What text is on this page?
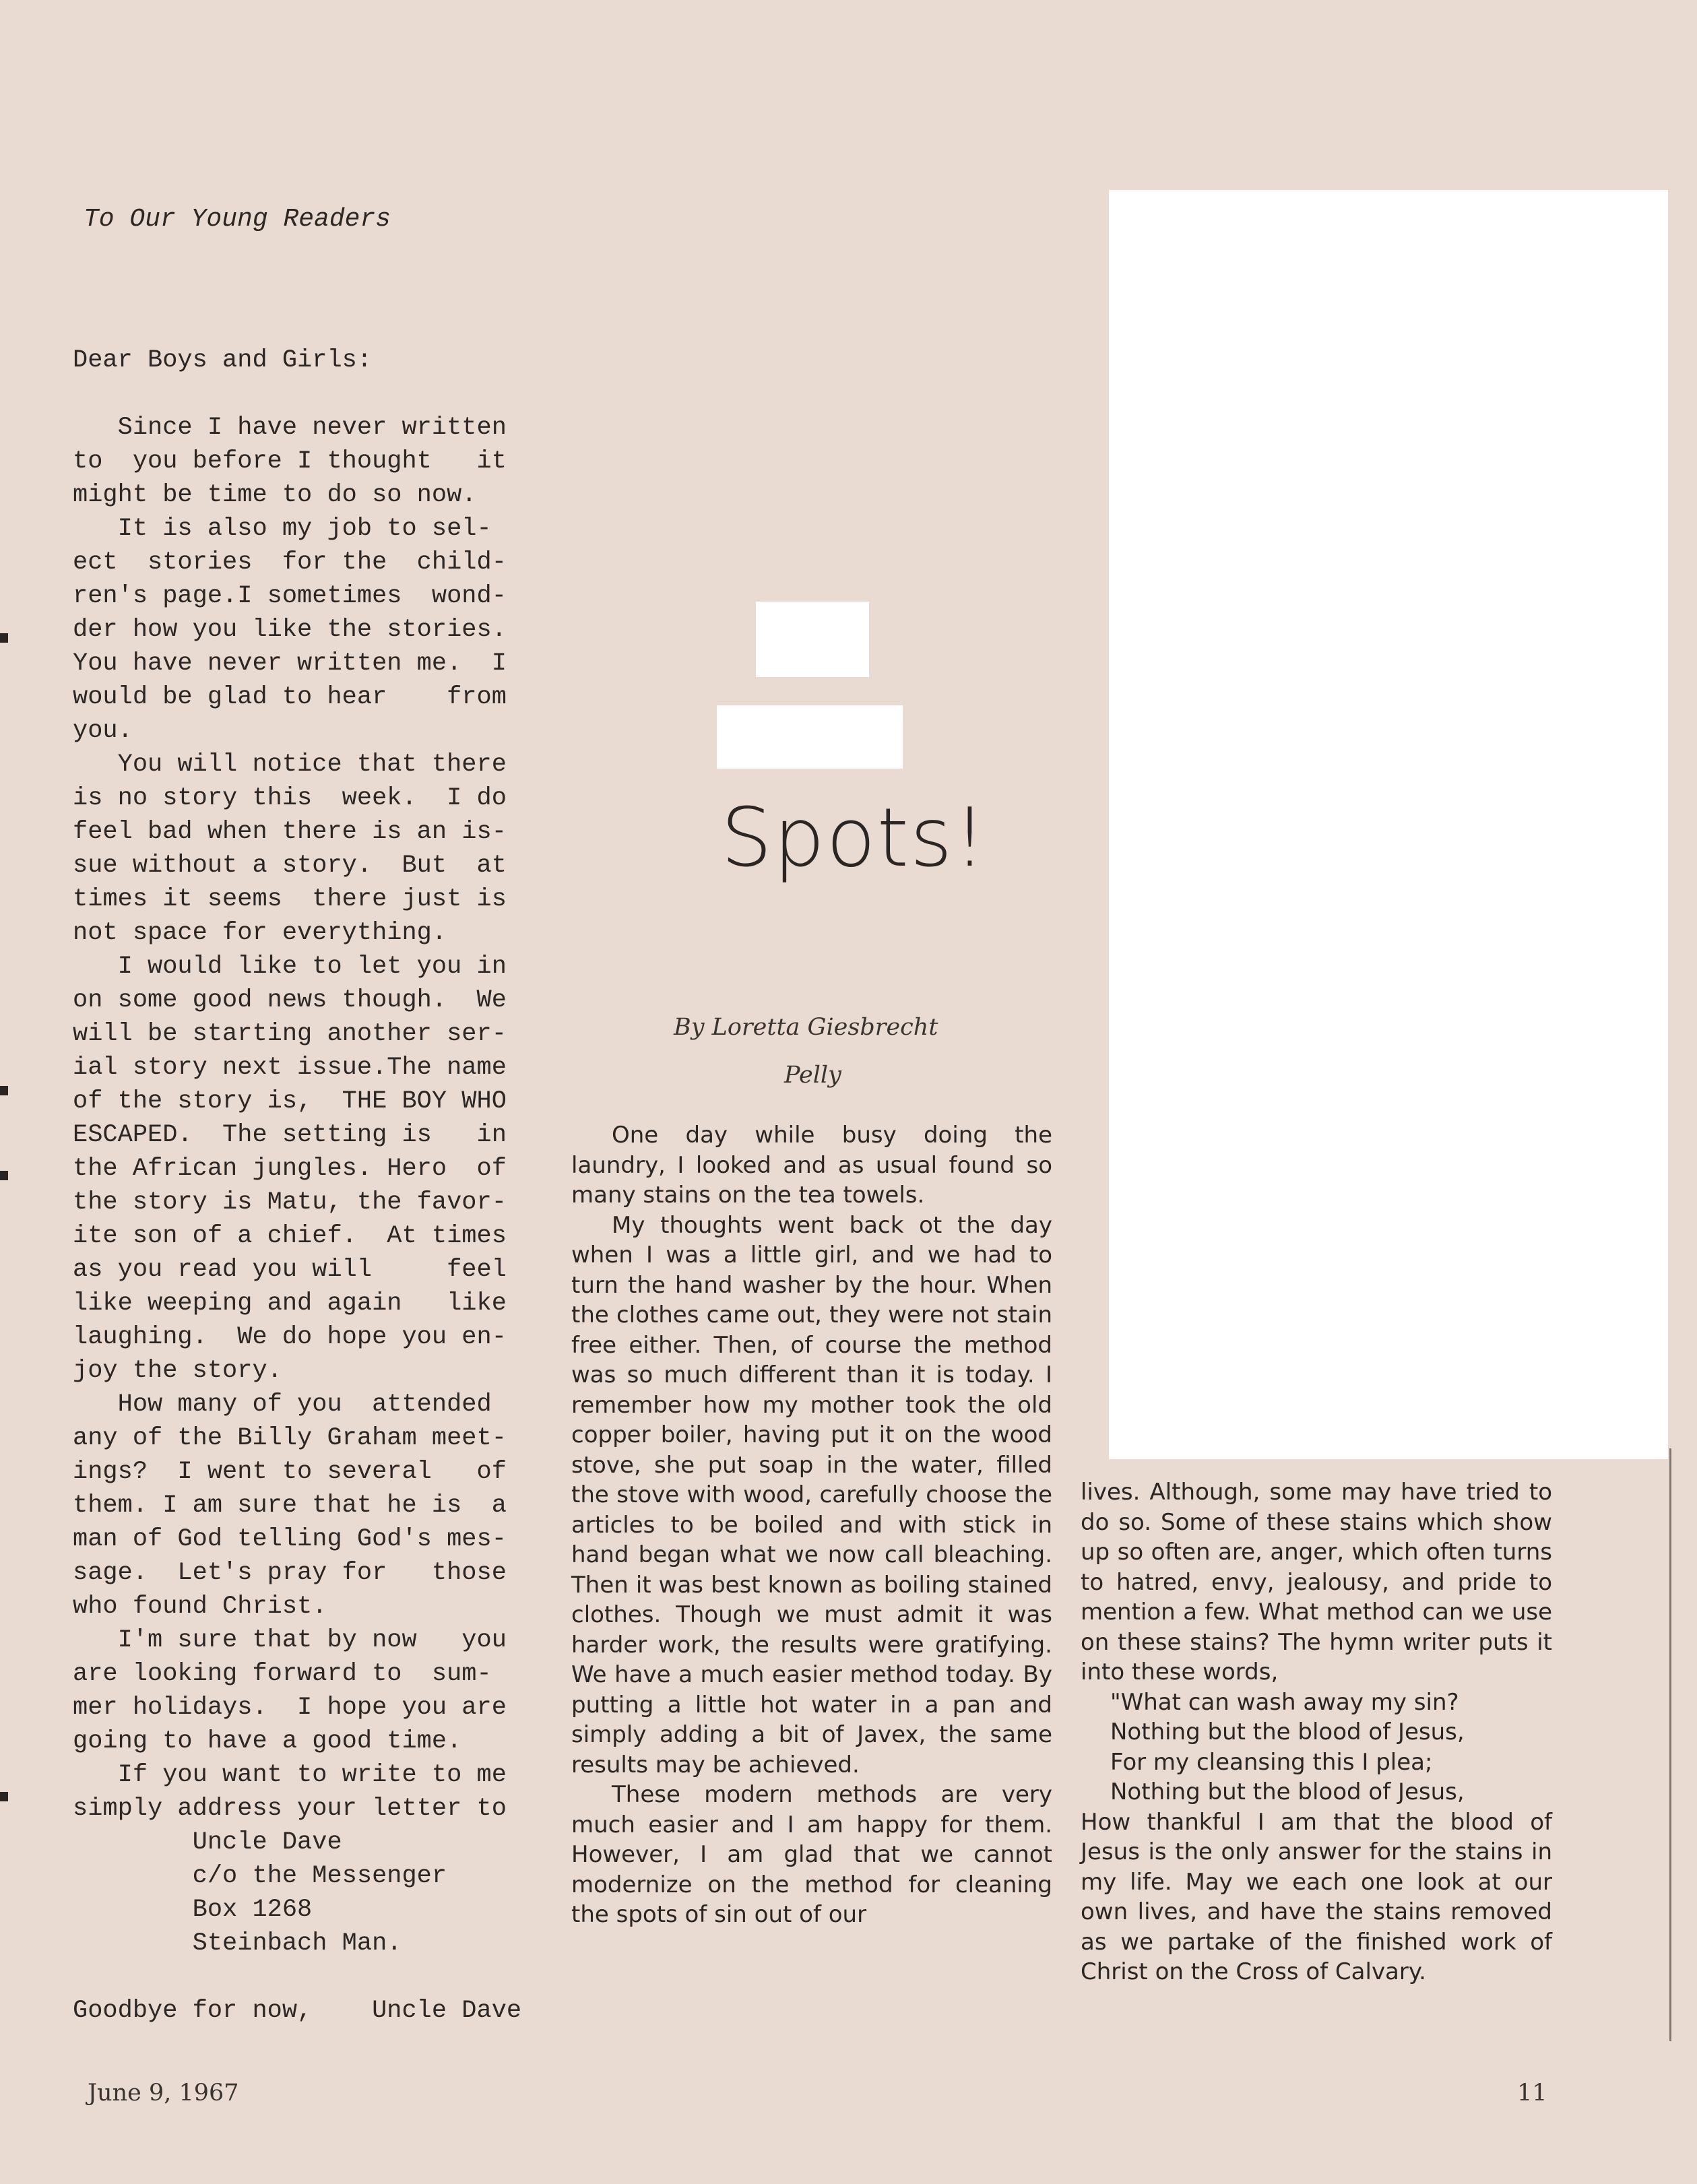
To Our Young Readers
Dear Boys and Girls:

Since I have never written
to  you before I thought   it
might be time to do so now.
It is also my job to sel-
ect  stories  for the  child-
ren's page.I sometimes  wond-
der how you like the stories.
You have never written me.  I
would be glad to hear    from
you.
You will notice that there
is no story this  week.  I do
feel bad when there is an is-
sue without a story.  But  at
times it seems  there just is
not space for everything.
I would like to let you in
on some good news though.  We
will be starting another ser-
ial story next issue.The name
of the story is,  THE BOY WHO
ESCAPED.  The setting is   in
the African jungles. Hero  of
the story is Matu, the favor-
ite son of a chief.  At times
as you read you will     feel
like weeping and again   like
laughing.  We do hope you en-
joy the story.
How many of you  attended
any of the Billy Graham meet-
ings?  I went to several   of
them. I am sure that he is  a
man of God telling God's mes-
sage.  Let's pray for   those
who found Christ.
I'm sure that by now   you
are looking forward to  sum-
mer holidays.  I hope you are
going to have a good time.
If you want to write to me
simply address your letter to
Uncle Dave
c/o the Messenger
Box 1268
Steinbach Man.

Goodbye for now,    Uncle Dave
Spots!
By Loretta Giesbrecht
Pelly

One day while busy doing the laundry, I looked and as usual found so many stains on the tea towels.

My thoughts went back ot the day when I was a little girl, and we had to turn the hand washer by the hour. When the clothes came out, they were not stain free either. Then, of course the method was so much different than it is today. I remember how my mother took the old copper boiler, having put it on the wood stove, she put soap in the water, filled the stove with wood, carefully choose the articles to be boiled and with stick in hand began what we now call bleaching. Then it was best known as boiling stained clothes. Though we must admit it was harder work, the results were gratifying. We have a much easier method today. By putting a little hot water in a pan and simply adding a bit of Javex, the same results may be achieved.

These modern methods are very much easier and I am happy for them. However, I am glad that we cannot modernize on the method for cleaning the spots of sin out of our

lives. Although, some may have tried to do so. Some of these stains which show up so often are, anger, which often turns to hatred, envy, jealousy, and pride to mention a few. What method can we use on these stains? The hymn writer puts it into these words,

"What can wash away my sin?

Nothing but the blood of Jesus,

For my cleansing this I plea;

Nothing but the blood of Jesus,

How thankful I am that the blood of Jesus is the only answer for the stains in my life. May we each one look at our own lives, and have the stains removed as we partake of the finished work of Christ on the Cross of Calvary.

June 9, 1967	11
